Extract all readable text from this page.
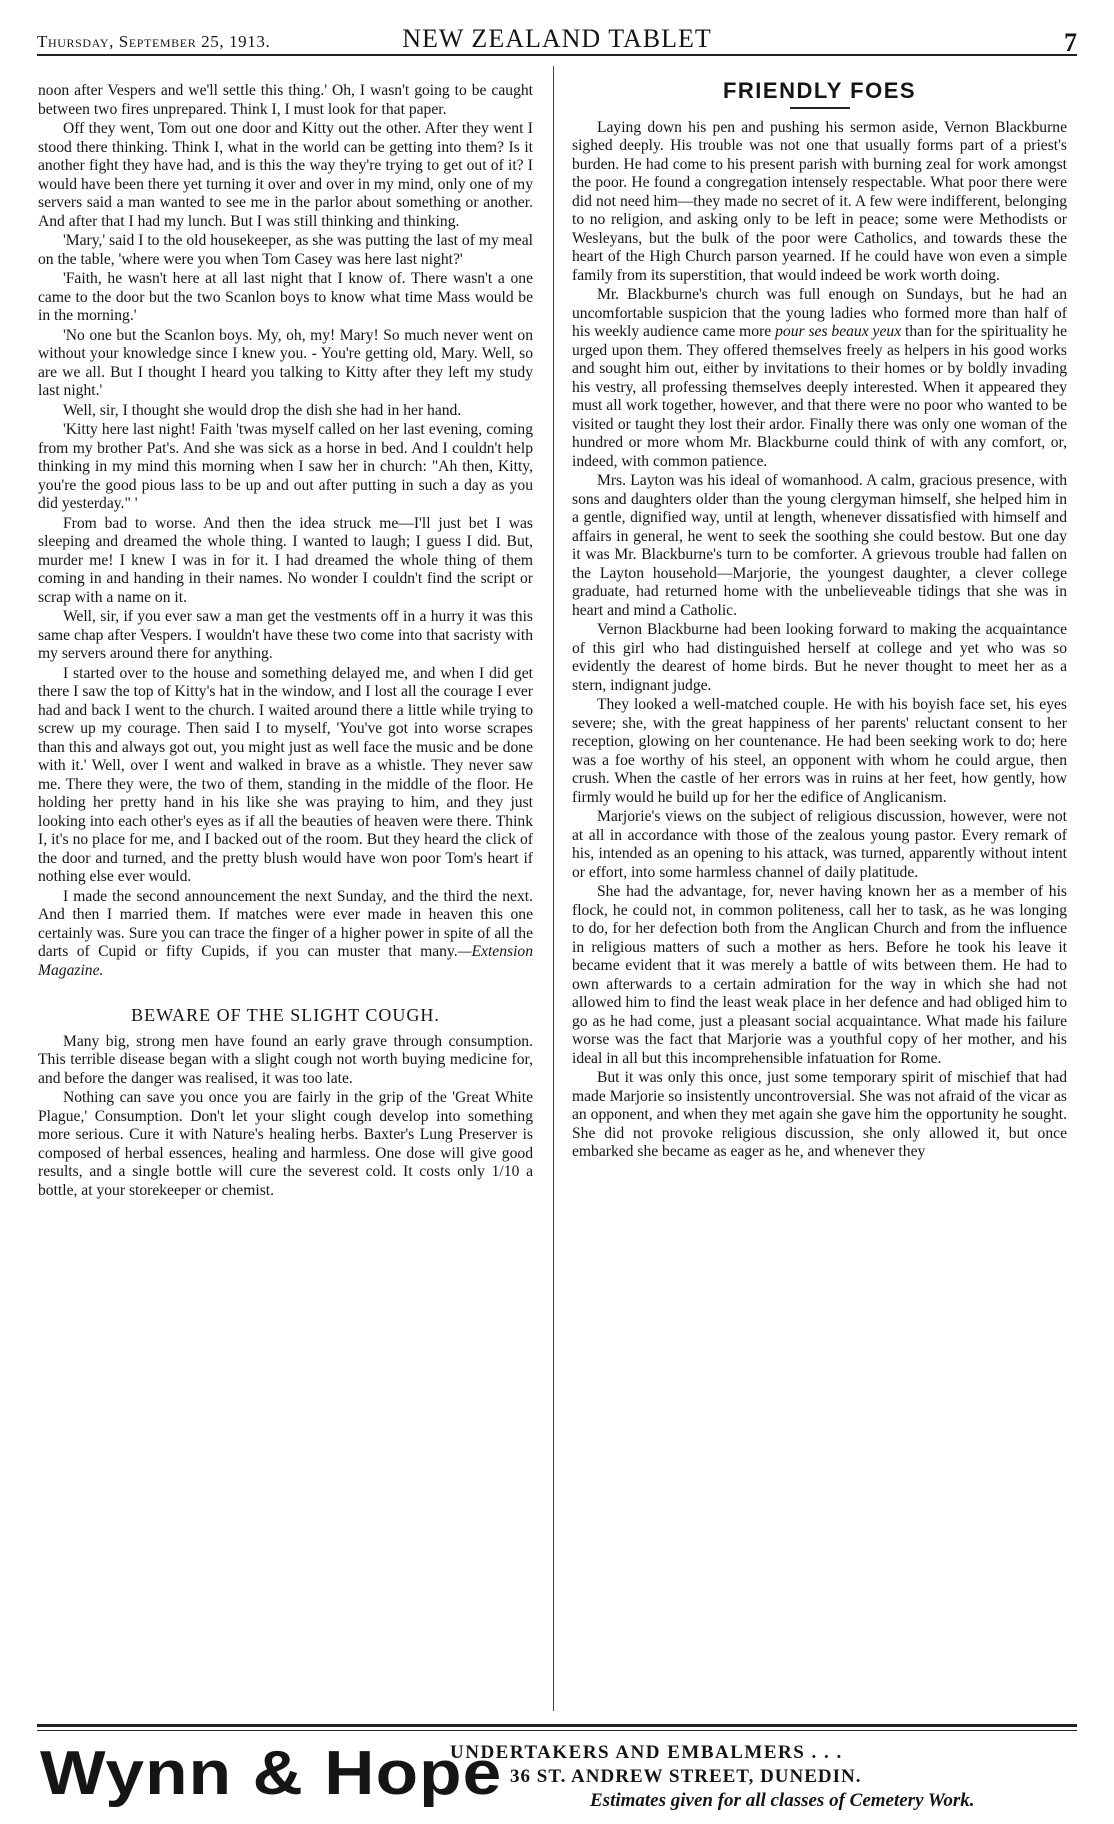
Thursday, September 25, 1913.	NEW ZEALAND TABLET	7

noon after Vespers and we'll settle this thing.' Oh, I wasn't going to be caught between two fires unprepared. Think I, I must look for that paper.

Off they went, Tom out one door and Kitty out the other. After they went I stood there thinking. Think I, what in the world can be getting into them? Is it another fight they have had, and is this the way they're trying to get out of it? I would have been there yet turning it over and over in my mind, only one of my servers said a man wanted to see me in the parlor about something or another. And after that I had my lunch. But I was still thinking and thinking.

'Mary,' said I to the old housekeeper, as she was putting the last of my meal on the table, 'where were you when Tom Casey was here last night?'

'Faith, he wasn't here at all last night that I know of. There wasn't a one came to the door but the two Scanlon boys to know what time Mass would be in the morning.'

'No one but the Scanlon boys. My, oh, my! Mary! So much never went on without your knowledge since I knew you. - You're getting old, Mary. Well, so are we all. But I thought I heard you talking to Kitty after they left my study last night.'

Well, sir, I thought she would drop the dish she had in her hand.

'Kitty here last night! Faith 'twas myself called on her last evening, coming from my brother Pat's. And she was sick as a horse in bed. And I couldn't help thinking in my mind this morning when I saw her in church: "Ah then, Kitty, you're the good pious lass to be up and out after putting in such a day as you did yesterday." '

From bad to worse. And then the idea struck me—I'll just bet I was sleeping and dreamed the whole thing. I wanted to laugh; I guess I did. But, murder me! I knew I was in for it. I had dreamed the whole thing of them coming in and handing in their names. No wonder I couldn't find the script or scrap with a name on it.

Well, sir, if you ever saw a man get the vestments off in a hurry it was this same chap after Vespers. I wouldn't have these two come into that sacristy with my servers around there for anything.

I started over to the house and something delayed me, and when I did get there I saw the top of Kitty's hat in the window, and I lost all the courage I ever had and back I went to the church. I waited around there a little while trying to screw up my courage. Then said I to myself, 'You've got into worse scrapes than this and always got out, you might just as well face the music and be done with it.' Well, over I went and walked in brave as a whistle. They never saw me. There they were, the two of them, standing in the middle of the floor. He holding her pretty hand in his like she was praying to him, and they just looking into each other's eyes as if all the beauties of heaven were there. Think I, it's no place for me, and I backed out of the room. But they heard the click of the door and turned, and the pretty blush would have won poor Tom's heart if nothing else ever would.

I made the second announcement the next Sunday, and the third the next. And then I married them. If matches were ever made in heaven this one certainly was. Sure you can trace the finger of a higher power in spite of all the darts of Cupid or fifty Cupids, if you can muster that many.—Extension Magazine.

BEWARE OF THE SLIGHT COUGH.

Many big, strong men have found an early grave through consumption. This terrible disease began with a slight cough not worth buying medicine for, and before the danger was realised, it was too late.

Nothing can save you once you are fairly in the grip of the 'Great White Plague,' Consumption. Don't let your slight cough develop into something more serious. Cure it with Nature's healing herbs. Baxter's Lung Preserver is composed of herbal essences, healing and harmless. One dose will give good results, and a single bottle will cure the severest cold. It costs only 1/10 a bottle, at your storekeeper or chemist.

FRIENDLY FOES

Laying down his pen and pushing his sermon aside, Vernon Blackburne sighed deeply. His trouble was not one that usually forms part of a priest's burden. He had come to his present parish with burning zeal for work amongst the poor. He found a congregation intensely respectable. What poor there were did not need him—they made no secret of it. A few were indifferent, belonging to no religion, and asking only to be left in peace; some were Methodists or Wesleyans, but the bulk of the poor were Catholics, and towards these the heart of the High Church parson yearned. If he could have won even a simple family from its superstition, that would indeed be work worth doing.

Mr. Blackburne's church was full enough on Sundays, but he had an uncomfortable suspicion that the young ladies who formed more than half of his weekly audience came more pour ses beaux yeux than for the spirituality he urged upon them. They offered themselves freely as helpers in his good works and sought him out, either by invitations to their homes or by boldly invading his vestry, all professing themselves deeply interested. When it appeared they must all work together, however, and that there were no poor who wanted to be visited or taught they lost their ardor. Finally there was only one woman of the hundred or more whom Mr. Blackburne could think of with any comfort, or, indeed, with common patience.

Mrs. Layton was his ideal of womanhood. A calm, gracious presence, with sons and daughters older than the young clergyman himself, she helped him in a gentle, dignified way, until at length, whenever dissatisfied with himself and affairs in general, he went to seek the soothing she could bestow. But one day it was Mr. Blackburne's turn to be comforter. A grievous trouble had fallen on the Layton household—Marjorie, the youngest daughter, a clever college graduate, had returned home with the unbelieveable tidings that she was in heart and mind a Catholic.

Vernon Blackburne had been looking forward to making the acquaintance of this girl who had distinguished herself at college and yet who was so evidently the dearest of home birds. But he never thought to meet her as a stern, indignant judge.

They looked a well-matched couple. He with his boyish face set, his eyes severe; she, with the great happiness of her parents' reluctant consent to her reception, glowing on her countenance. He had been seeking work to do; here was a foe worthy of his steel, an opponent with whom he could argue, then crush. When the castle of her errors was in ruins at her feet, how gently, how firmly would he build up for her the edifice of Anglicanism.

Marjorie's views on the subject of religious discussion, however, were not at all in accordance with those of the zealous young pastor. Every remark of his, intended as an opening to his attack, was turned, apparently without intent or effort, into some harmless channel of daily platitude.

She had the advantage, for, never having known her as a member of his flock, he could not, in common politeness, call her to task, as he was longing to do, for her defection both from the Anglican Church and from the influence in religious matters of such a mother as hers. Before he took his leave it became evident that it was merely a battle of wits between them. He had to own afterwards to a certain admiration for the way in which she had not allowed him to find the least weak place in her defence and had obliged him to go as he had come, just a pleasant social acquaintance. What made his failure worse was the fact that Marjorie was a youthful copy of her mother, and his ideal in all but this incomprehensible infatuation for Rome.

But it was only this once, just some temporary spirit of mischief that had made Marjorie so insistently uncontroversial. She was not afraid of the vicar as an opponent, and when they met again she gave him the opportunity he sought. She did not provoke religious discussion, she only allowed it, but once embarked she became as eager as he, and whenever they

Wynn & Hope
UNDERTAKERS AND EMBALMERS . . .
36 ST. ANDREW STREET, DUNEDIN.
Estimates given for all classes of Cemetery Work.
